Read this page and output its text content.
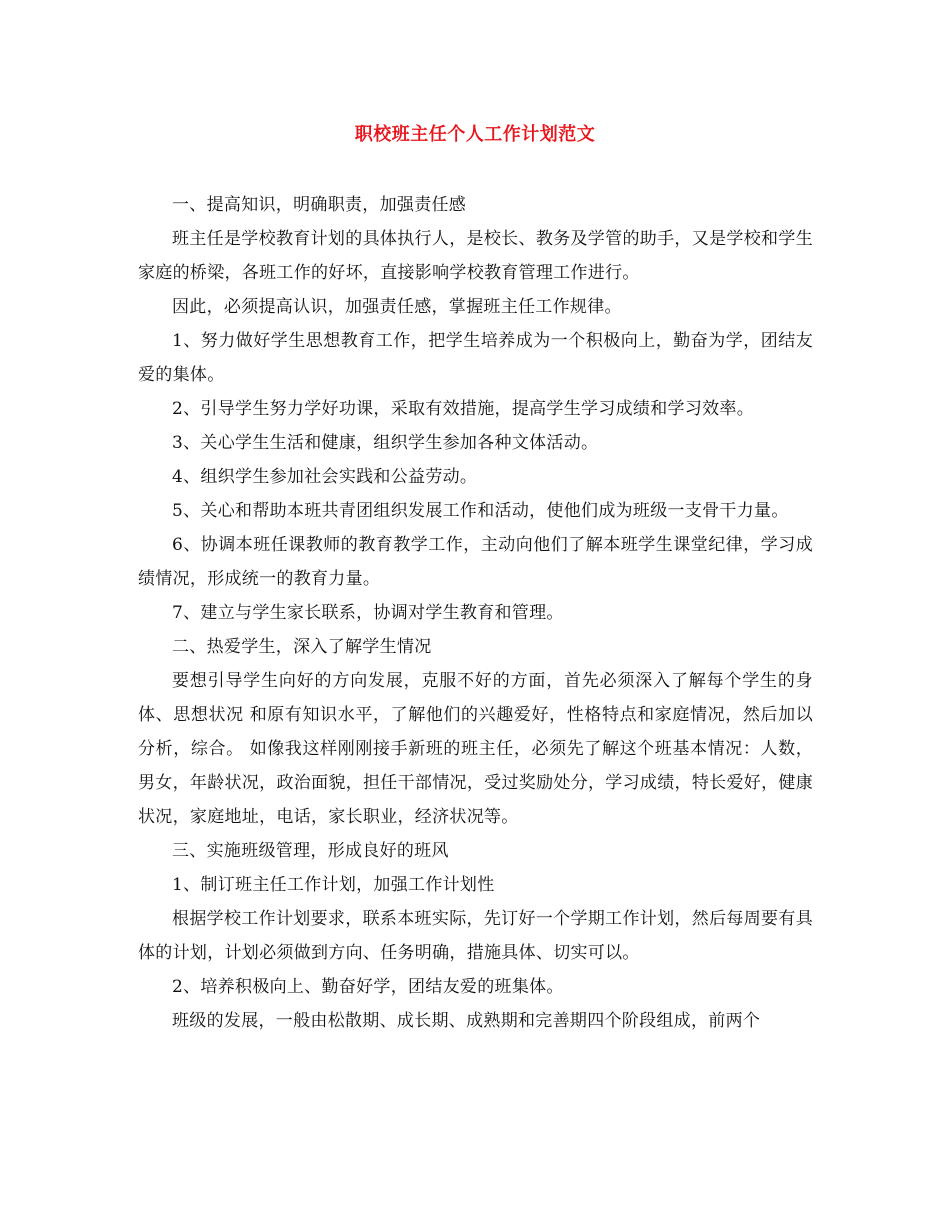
职校班主任个人工作计划范文

一、提高知识，明确职责，加强责任感

班主任是学校教育计划的具体执行人，是校长、教务及学管的助手，又是学校和学生家庭的桥梁，各班工作的好坏，直接影响学校教育管理工作进行。

因此，必须提高认识，加强责任感，掌握班主任工作规律。

1、努力做好学生思想教育工作，把学生培养成为一个积极向上，勤奋为学，团结友爱的集体。

2、引导学生努力学好功课，采取有效措施，提高学生学习成绩和学习效率。

3、关心学生生活和健康，组织学生参加各种文体活动。

4、组织学生参加社会实践和公益劳动。

5、关心和帮助本班共青团组织发展工作和活动，使他们成为班级一支骨干力量。

6、协调本班任课教师的教育教学工作，主动向他们了解本班学生课堂纪律，学习成绩情况，形成统一的教育力量。

7、建立与学生家长联系，协调对学生教育和管理。

二、热爱学生，深入了解学生情况

要想引导学生向好的方向发展，克服不好的方面，首先必须深入了解每个学生的身体、思想状况 和原有知识水平，了解他们的兴趣爱好，性格特点和家庭情况，然后加以分析，综合。 如像我这样刚刚接手新班的班主任，必须先了解这个班基本情况：人数，男女，年龄状况，政治面貌，担任干部情况，受过奖励处分，学习成绩，特长爱好，健康状况，家庭地址，电话，家长职业，经济状况等。

三、实施班级管理，形成良好的班风

1、制订班主任工作计划，加强工作计划性

根据学校工作计划要求，联系本班实际，先订好一个学期工作计划，然后每周要有具体的计划，计划必须做到方向、任务明确，措施具体、切实可以。

2、培养积极向上、勤奋好学，团结友爱的班集体。

班级的发展，一般由松散期、成长期、成熟期和完善期四个阶段组成，前两个
